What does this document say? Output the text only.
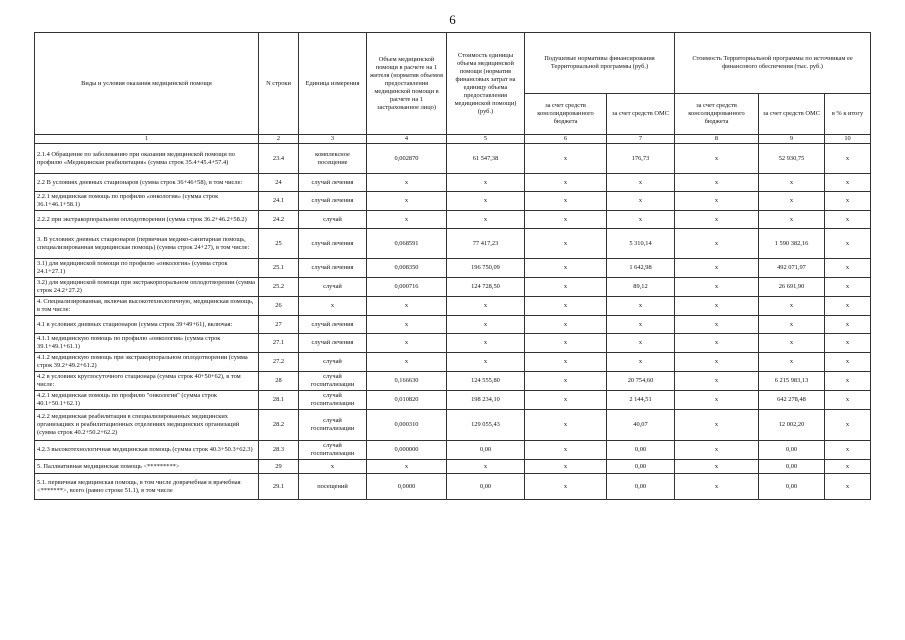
6
Виды и условия оказания медицинской помощи	N строки	Единица измерения	Объем медицинской помощи в расчете на 1 жителя (норматив объемов предоставления медицинской помощи в расчете на 1 застрахованное лицо)	Стоимость единицы объема медицинской помощи (норматив финансовых затрат на единицу объема предоставления медицинской помощи) (руб.)	Подушевые нормативы финансирования Территориальной программы (руб.)		Стоимость Территориальной программы по источникам ее финансового обеспечения (тыс. руб.)		
					за счет средств консолидированного бюджета	за счет средств ОМС	за счет средств консолидированного бюджета	за счет средств ОМС	в % к итогу
1	2	3	4	5	6	7	8	9	10
2.1.4 Обращение по заболеванию при оказании медицинской помощи по профилю «Медицинская реабилитация» (сумма строк 35.4+45.4+57.4)	23.4	комплексное посещение	0,002870	61 547,38	х	176,73	х	52 930,75	х
2.2 В условиях дневных стационаров (сумма строк 36+46+58), в том числе:	24	случай лечения	х	х	х	х	х	х	х
2.2.1 медицинская помощь по профилю «онкология» (сумма строк 36.1+46.1+58.1)	24.1	случай лечения	х	х	х	х	х	х	х
2.2.2 при экстракорпоральном оплодотворении (сумма строк 36.2+46.2+58.2)	24.2	случай	х	х	х	х	х	х	х
3. В условиях дневных стационаров (первичная медико-санитарная помощь, специализированная медицинская помощь) (сумма строк 24+27), в том числе:	25	случай лечения	0,068591	77 417,23	х	5 310,14	х	1 590 382,16	х
3.1) для медицинской помощи по профилю «онкология» (сумма строк 24.1+27.1)	25.1	случай лечения	0,008350	196 750,09	х	1 642,98	х	492 071,97	х
3.2) для медицинской помощи при экстракорпоральном оплодотворении (сумма строк 24.2+27.2)	25.2	случай	0,000716	124 728,50	х	89,12	х	26 691,90	х
4. Специализированная, включая высокотехнологичную, медицинская помощь, в том числе:	26	х	х	х	х	х	х	х	х
4.1 в условиях дневных стационаров (сумма строк 39+49+61), включая:	27	случай лечения	х	х	х	х	х	х	х
4.1.1 медицинскую помощь по профилю «онкология» (сумма строк 39.1+49.1+61.1)	27.1	случай лечения	х	х	х	х	х	х	х
4.1.2 медицинскую помощь при экстракорпоральном оплодотворении (сумма строк 39.2+49.2+61.2)	27.2	случай	х	х	х	х	х	х	х
4.2 в условиях круглосуточного стационара (сумма строк 40+50+62), в том числе:	28	случай госпитализации	0,166630	124 555,80	х	20 754,60	х	6 215 983,13	х
4.2.1 медицинская помощь по профилю "онкология" (сумма строк 40.1+50.1+62.1)	28.1	случай госпитализации	0,010820	198 234,10	х	2 144,51	х	642 278,48	х
4.2.2 медицинская реабилитация в специализированных медицинских организациях и реабилитационных отделениях медицинских организаций (сумма строк 40.2+50.2+62.2)	28.2	случай госпитализации	0,000310	129 055,43	х	40,07	х	12 002,20	х
4.2.3 высокотехнологичная медицинская помощь (сумма строк 40.3+50.3+62.3)	28.3	случай госпитализации	0,000000	0,00	х	0,00	х	0,00	х
5. Паллиативная медицинская помощь <*********>	29	х	х	х	х	0,00	х	0,00	х
5.1. первичная медицинская помощь, в том числе доврачебная и врачебная <*******>, всего (равно строке 51.1), в том числе	29.1	посещений	0,0000	0,00	х	0,00	х	0,00	х
